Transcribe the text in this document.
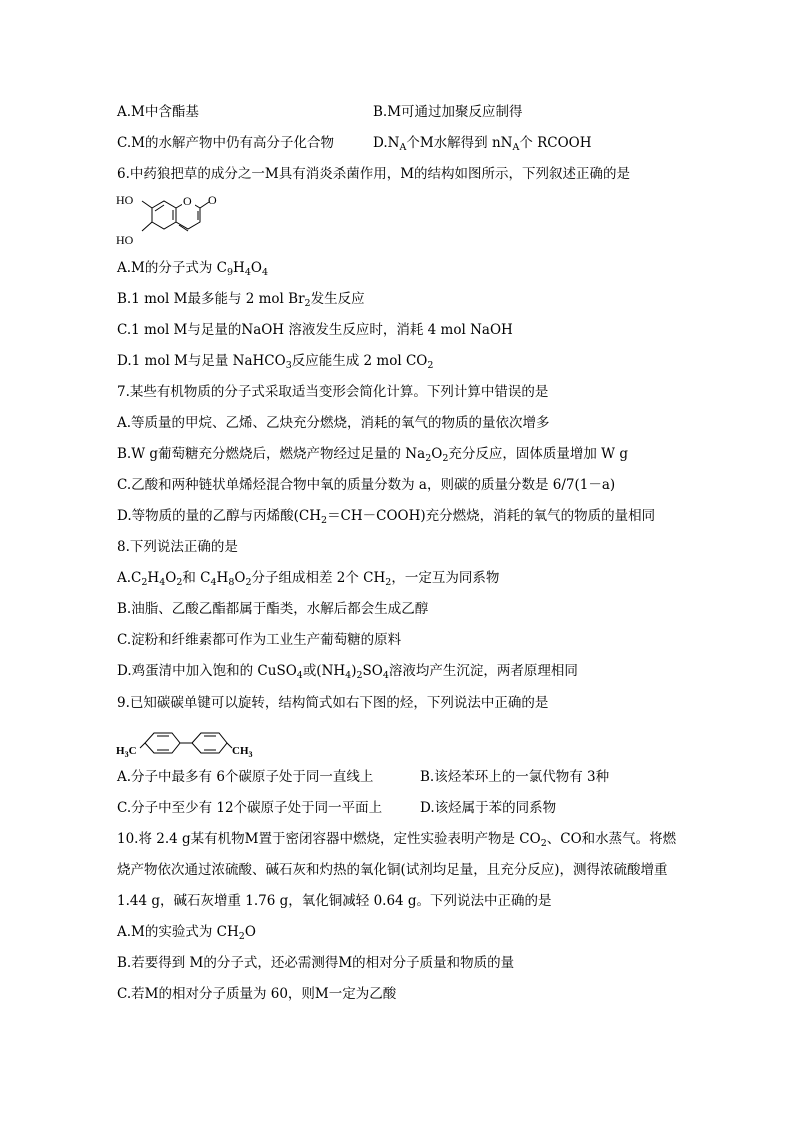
A.M中含酯基	B.M可通过加聚反应制得
C.M的水解产物中仍有高分子化合物	$D.N_A$个M水解得到 $nN_A$个 RCOOH
6.中药狼把草的成分之一M具有消炎杀菌作用，M的结构如图所示，下列叙述正确的是
HO
HO
O O
A.M的分子式为 $C_9H_4O_4$
B.1 mol M最多能与 2 mol $Br_2$发生反应
C.1 mol M与足量的NaOH 溶液发生反应时，消耗 4 mol NaOH
D.1 mol M与足量 NaHCO$_3$反应能生成 2 mol $CO_2$
7.某些有机物质的分子式采取适当变形会简化计算。下列计算中错误的是
A.等质量的甲烷、乙烯、乙炔充分燃烧，消耗的氧气的物质的量依次增多
B.W g葡萄糖充分燃烧后，燃烧产物经过足量的 $Na_2O_2$充分反应，固体质量增加 W g
C.乙酸和两种链状单烯烃混合物中氧的质量分数为 a，则碳的质量分数是 6/7(1－a)
D.等物质的量的乙醇与丙烯酸$(CH_2=CH-COOH)$充分燃烧，消耗的氧气的物质的量相同
8.下列说法正确的是
$A.C_2H_4O_2$和 $C_4H_8O_2$分子组成相差 2个 $CH_2$，一定互为同系物
B.油脂、乙酸乙酯都属于酯类，水解后都会生成乙醇
C.淀粉和纤维素都可作为工业生产葡萄糖的原料
D.鸡蛋清中加入饱和的 CuSO$_4$或$(NH_4)_2SO_4$溶液均产生沉淀，两者原理相同
9.已知碳碳单键可以旋转，结构简式如右下图的烃，下列说法中正确的是
$H_3C$	$CH_3$
A.分子中最多有 6个碳原子处于同一直线上	B.该烃苯环上的一氯代物有 3种
C.分子中至少有 12个碳原子处于同一平面上	D.该烃属于苯的同系物
10.将 2.4 g某有机物M置于密闭容器中燃烧，定性实验表明产物是 $CO_2$、CO和水蒸气。将燃
烧产物依次通过浓硫酸、碱石灰和灼热的氧化铜(试剂均足量，且充分反应)，测得浓硫酸增重
1.44 g，碱石灰增重 1.76 g，氧化铜减轻 0.64 g。下列说法中正确的是
A.M的实验式为 $CH_2O$
B.若要得到 M的分子式，还必需测得M的相对分子质量和物质的量
C.若M的相对分子质量为 60，则M一定为乙酸
